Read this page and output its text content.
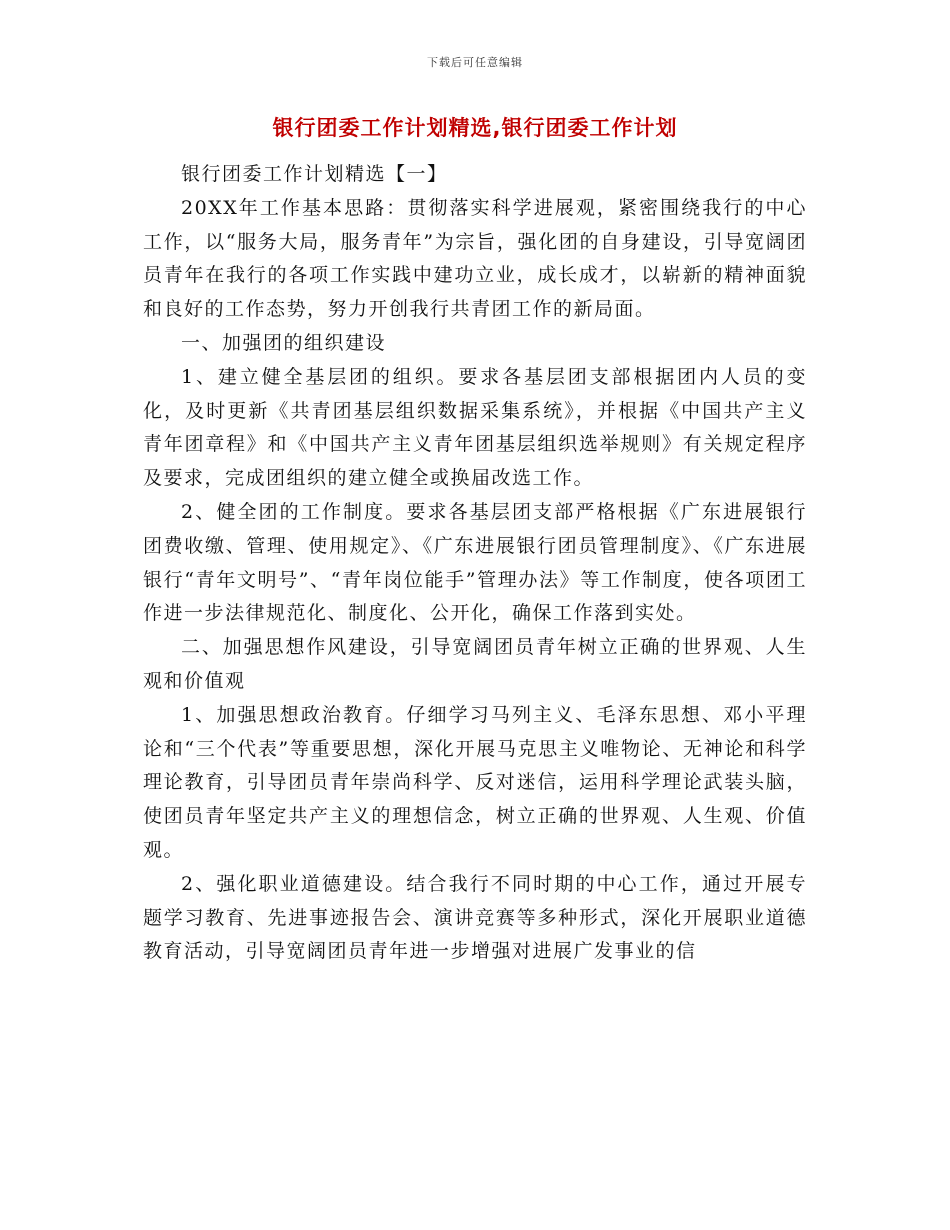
下载后可任意编辑
银行团委工作计划精选,银行团委工作计划

银行团委工作计划精选【一】

20XX年工作基本思路：贯彻落实科学进展观，紧密围绕我行的中心工作，以“服务大局，服务青年”为宗旨，强化团的自身建设，引导宽阔团员青年在我行的各项工作实践中建功立业，成长成才，以崭新的精神面貌和良好的工作态势，努力开创我行共青团工作的新局面。

一、加强团的组织建设

1、建立健全基层团的组织。要求各基层团支部根据团内人员的变化，及时更新《共青团基层组织数据采集系统》，并根据《中国共产主义青年团章程》和《中国共产主义青年团基层组织选举规则》有关规定程序及要求，完成团组织的建立健全或换届改选工作。

2、健全团的工作制度。要求各基层团支部严格根据《广东进展银行团费收缴、管理、使用规定》、《广东进展银行团员管理制度》、《广东进展银行“青年文明号”、“青年岗位能手”管理办法》等工作制度，使各项团工作进一步法律规范化、制度化、公开化，确保工作落到实处。

二、加强思想作风建设，引导宽阔团员青年树立正确的世界观、人生观和价值观

1、加强思想政治教育。仔细学习马列主义、毛泽东思想、邓小平理论和“三个代表”等重要思想，深化开展马克思主义唯物论、无神论和科学理论教育，引导团员青年崇尚科学、反对迷信，运用科学理论武装头脑，使团员青年坚定共产主义的理想信念，树立正确的世界观、人生观、价值观。

2、强化职业道德建设。结合我行不同时期的中心工作，通过开展专题学习教育、先进事迹报告会、演讲竞赛等多种形式，深化开展职业道德教育活动，引导宽阔团员青年进一步增强对进展广发事业的信
